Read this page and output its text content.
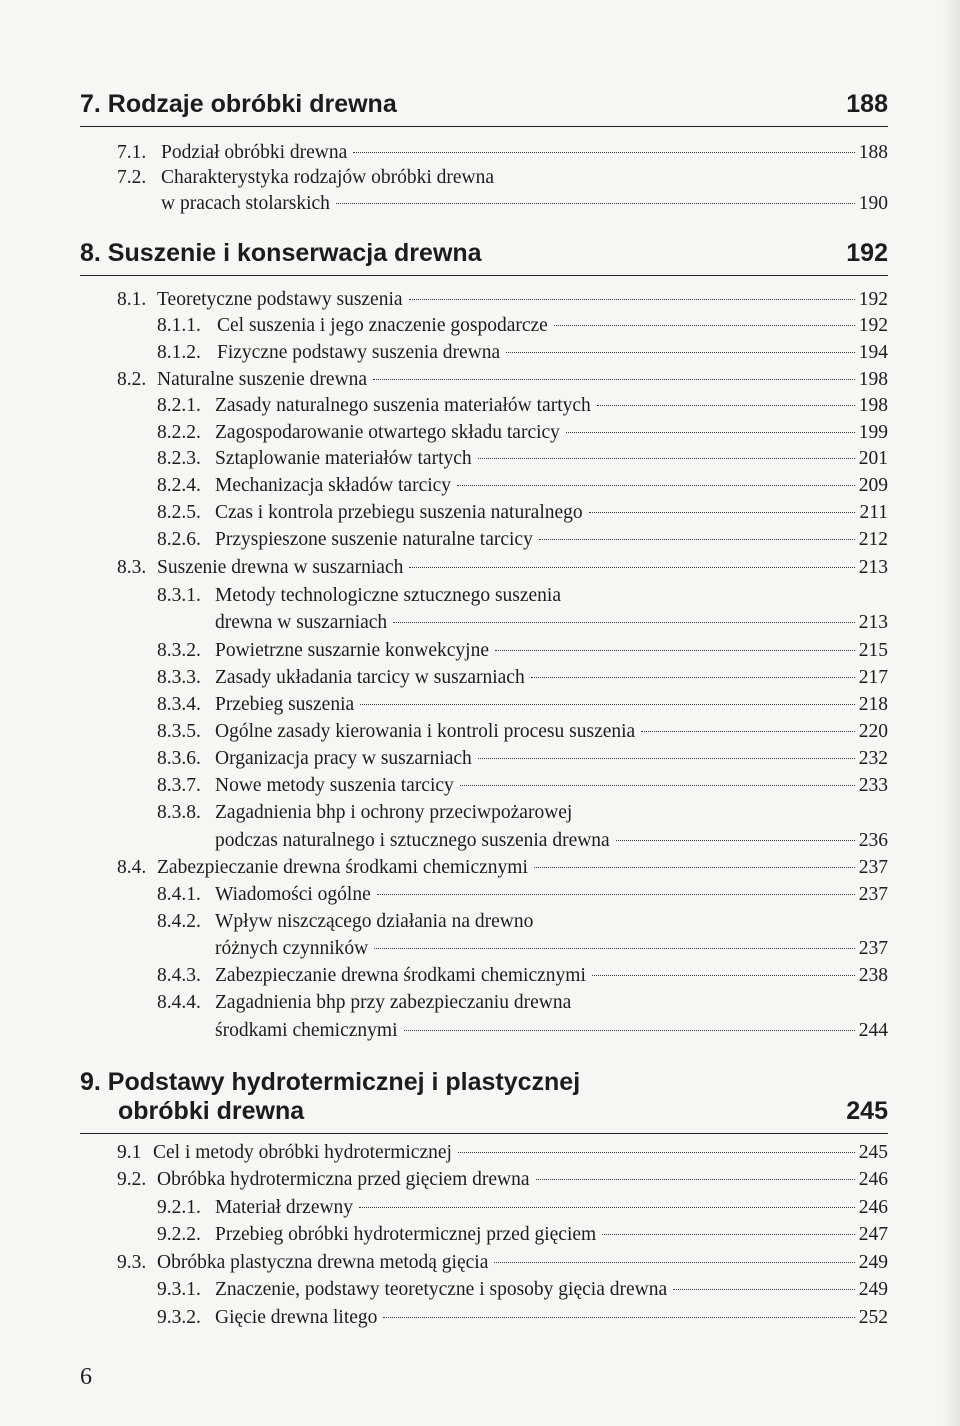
7. Rodzaje obróbki drewna	188
7.1. Podział obróbki drewna	188
7.2. Charakterystyka rodzajów obróbki drewna
w pracach stolarskich	190
8. Suszenie i konserwacja drewna	192
8.1. Teoretyczne podstawy suszenia	192
8.1.1. Cel suszenia i jego znaczenie gospodarcze	192
8.1.2. Fizyczne podstawy suszenia drewna	194
8.2. Naturalne suszenie drewna	198
8.2.1. Zasady naturalnego suszenia materiałów tartych	198
8.2.2. Zagospodarowanie otwartego składu tarcicy	199
8.2.3. Sztaplowanie materiałów tartych	201
8.2.4. Mechanizacja składów tarcicy	209
8.2.5. Czas i kontrola przebiegu suszenia naturalnego	211
8.2.6. Przyspieszone suszenie naturalne tarcicy	212
8.3. Suszenie drewna w suszarniach	213
8.3.1. Metody technologiczne sztucznego suszenia
drewna w suszarniach	213
8.3.2. Powietrzne suszarnie konwekcyjne	215
8.3.3. Zasady układania tarcicy w suszarniach	217
8.3.4. Przebieg suszenia	218
8.3.5. Ogólne zasady kierowania i kontroli procesu suszenia	220
8.3.6. Organizacja pracy w suszarniach	232
8.3.7. Nowe metody suszenia tarcicy	233
8.3.8. Zagadnienia bhp i ochrony przeciwpożarowej
podczas naturalnego i sztucznego suszenia drewna	236
8.4. Zabezpieczanie drewna środkami chemicznymi	237
8.4.1. Wiadomości ogólne	237
8.4.2. Wpływ niszczącego działania na drewno
różnych czynników	237
8.4.3. Zabezpieczanie drewna środkami chemicznymi	238
8.4.4. Zagadnienia bhp przy zabezpieczaniu drewna
środkami chemicznymi	244
9. Podstawy hydrotermicznej i plastycznej
obróbki drewna	245
9.1 Cel i metody obróbki hydrotermicznej	245
9.2. Obróbka hydrotermiczna przed gięciem drewna	246
9.2.1. Materiał drzewny	246
9.2.2. Przebieg obróbki hydrotermicznej przed gięciem	247
9.3. Obróbka plastyczna drewna metodą gięcia	249
9.3.1. Znaczenie, podstawy teoretyczne i sposoby gięcia drewna	249
9.3.2. Gięcie drewna litego	252
6
